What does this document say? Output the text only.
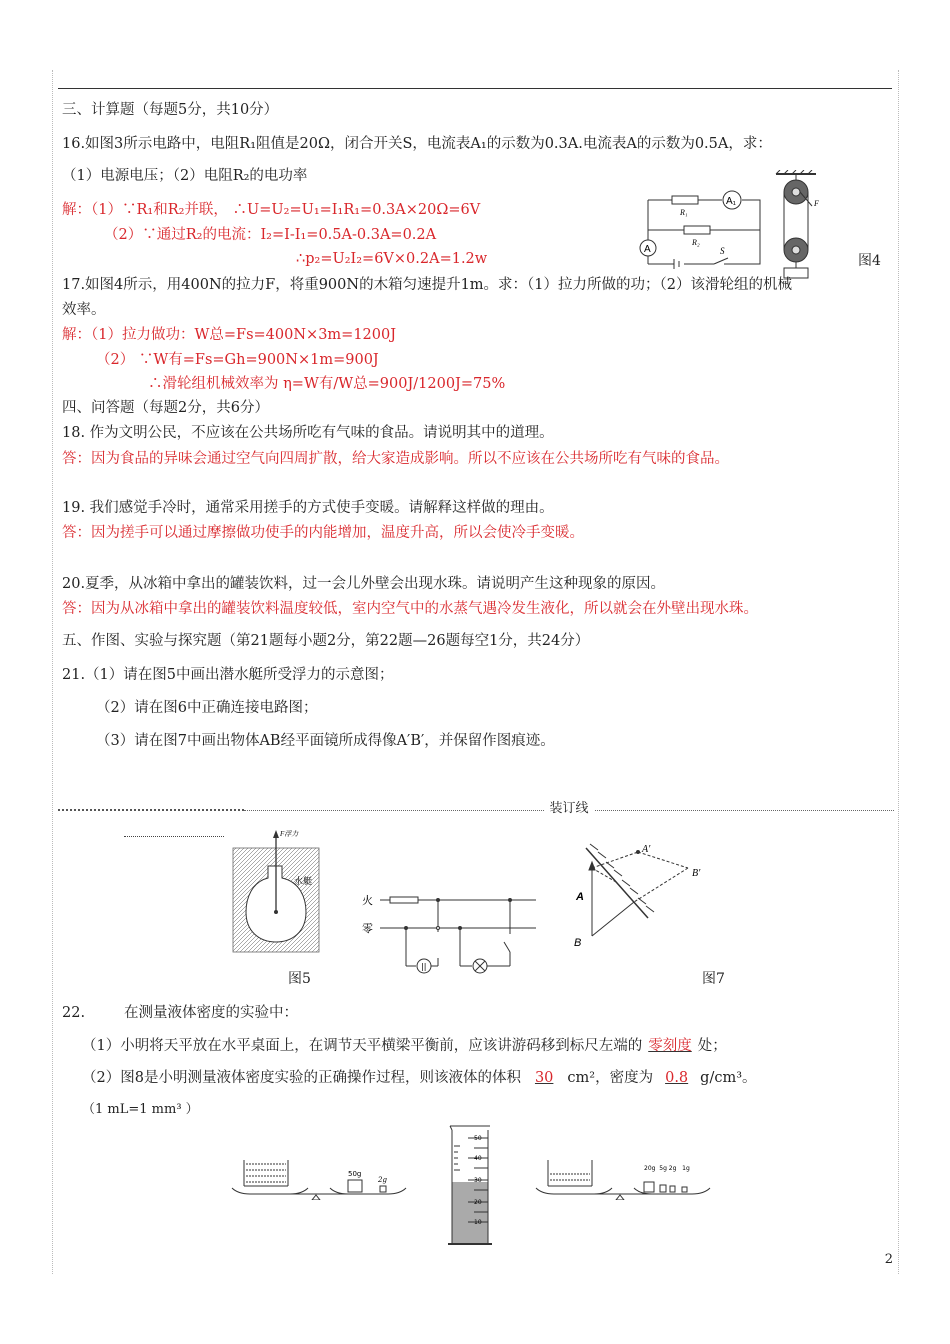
三、计算题（每题5分，共10分）
16.如图3所示电路中，电阻R₁阻值是20Ω，闭合开关S，电流表A₁的示数为0.3A.电流表A的示数为0.5A，求：
（1）电源电压；（2）电阻R₂的电功率
解：（1）∵R₁和R₂并联， ∴U=U₂=U₁=I₁R₁=0.3A×20Ω=6V
（2）∵通过R₂的电流：I₂=I-I₁=0.5A-0.3A=0.2A
∴p₂=U₂I₂=6V×0.2A=1.2w
A₁
A
R₁
R₂
S
F
图4
17.如图4所示，用400N的拉力F，将重900N的木箱匀速提升1m。求：（1）拉力所做的功；（2）该滑轮组的机械
效率。
解：（1）拉力做功：W总=Fs=400N×3m=1200J
（2） ∵W有=Fs=Gh=900N×1m=900J
∴滑轮组机械效率为 η=W有/W总=900J/1200J=75%
四、问答题（每题2分，共6分）
18. 作为文明公民，不应该在公共场所吃有气味的食品。请说明其中的道理。
答：因为食品的异味会通过空气向四周扩散，给大家造成影响。所以不应该在公共场所吃有气味的食品。
19. 我们感觉手冷时，通常采用搓手的方式使手变暖。请解释这样做的理由。
答：因为搓手可以通过摩擦做功使手的内能增加，温度升高，所以会使冷手变暖。
20.夏季，从冰箱中拿出的罐装饮料，过一会儿外壁会出现水珠。请说明产生这种现象的原因。
答：因为从冰箱中拿出的罐装饮料温度较低，室内空气中的水蒸气遇冷发生液化，所以就会在外壁出现水珠。
五、作图、实验与探究题（第21题每小题2分，第22题—26题每空1分，共24分）
21.（1）请在图5中画出潜水艇所受浮力的示意图；
（2）请在图6中正确连接电路图；
（3）请在图7中画出物体AB经平面镜所成得像A′B′，并保留作图痕迹。
装订线
F浮力
水艇
图5
||
火
零
A
B
A′
B′
图7
22.	在测量液体密度的实验中：
（1）小明将天平放在水平桌面上，在调节天平横梁平衡前，应该讲游码移到标尺左端的 零刻度 处；
（2）图8是小明测量液体密度实验的正确操作过程，则该液体的体积 30 cm²，密度为 0.8 g/cm³。
（1 mL=1 mm³ ）
50g
2g
50
40
30
20
10
20g  5g 2g   1g
2
